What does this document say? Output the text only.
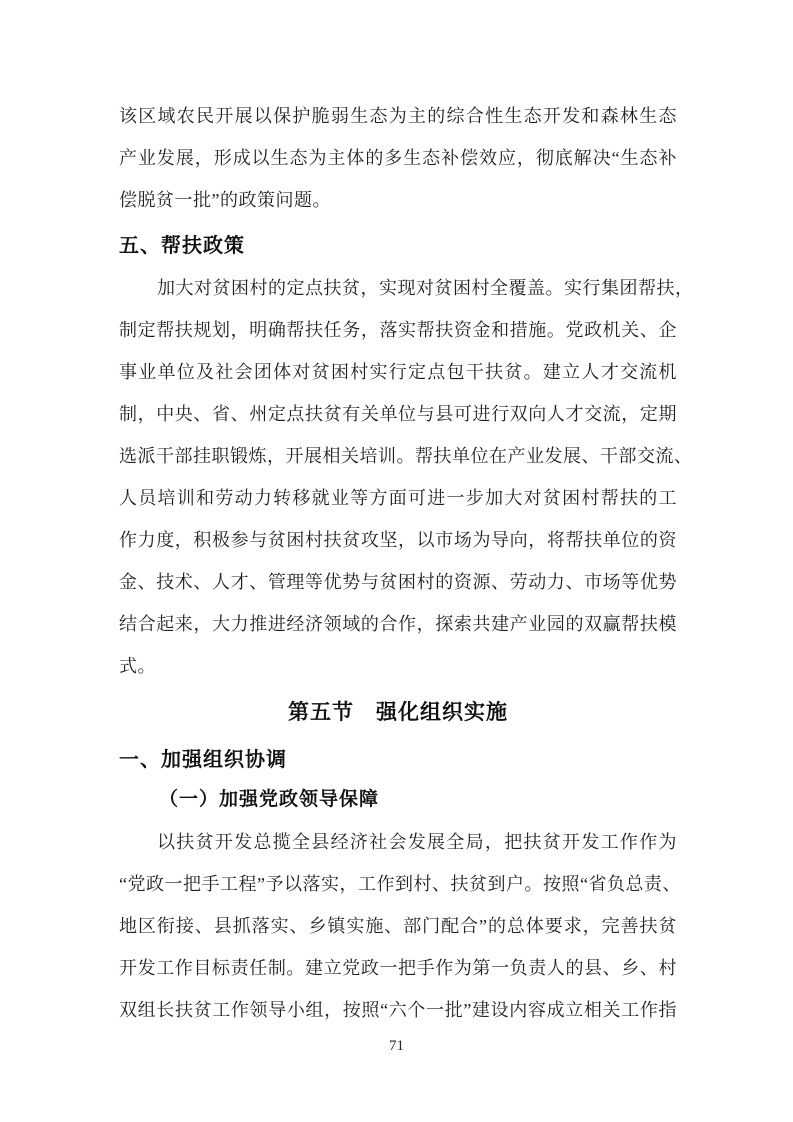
该区域农民开展以保护脆弱生态为主的综合性生态开发和森林生态
产业发展，形成以生态为主体的多生态补偿效应，彻底解决“生态补
偿脱贫一批”的政策问题。
五、帮扶政策
加大对贫困村的定点扶贫，实现对贫困村全覆盖。实行集团帮扶，
制定帮扶规划，明确帮扶任务，落实帮扶资金和措施。党政机关、企
事业单位及社会团体对贫困村实行定点包干扶贫。建立人才交流机
制，中央、省、州定点扶贫有关单位与县可进行双向人才交流，定期
选派干部挂职锻炼，开展相关培训。帮扶单位在产业发展、干部交流、
人员培训和劳动力转移就业等方面可进一步加大对贫困村帮扶的工
作力度，积极参与贫困村扶贫攻坚，以市场为导向，将帮扶单位的资
金、技术、人才、管理等优势与贫困村的资源、劳动力、市场等优势
结合起来，大力推进经济领域的合作，探索共建产业园的双赢帮扶模
式。
第五节　强化组织实施
一、加强组织协调
（一）加强党政领导保障
以扶贫开发总揽全县经济社会发展全局，把扶贫开发工作作为
“党政一把手工程”予以落实，工作到村、扶贫到户。按照“省负总责、
地区衔接、县抓落实、乡镇实施、部门配合”的总体要求，完善扶贫
开发工作目标责任制。建立党政一把手作为第一负责人的县、乡、村
双组长扶贫工作领导小组，按照“六个一批”建设内容成立相关工作指
71
